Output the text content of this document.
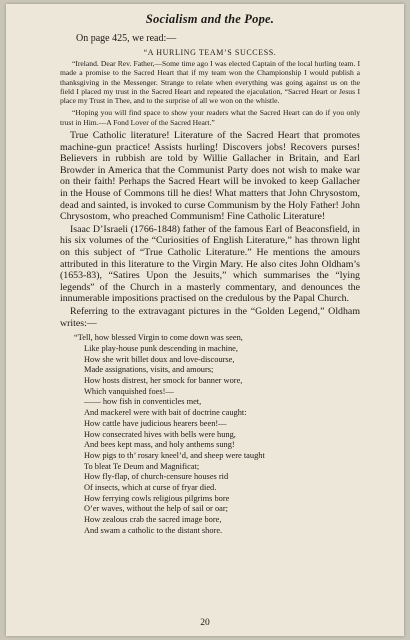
Socialism and the Pope.
On page 425, we read:—
“A HURLING TEAM’S SUCCESS.

“Ireland. Dear Rev. Father,—Some time ago I was elected Captain of the local hurling team. I made a promise to the Sacred Heart that if my team won the Championship I would publish a thanksgiving in the Messenger. Strange to relate when everything was going against us on the field I placed my trust in the Sacred Heart and repeated the ejaculation, “Sacred Heart or Jesus I place my Trust in Thee, and to the surprise of all we won on the whistle.

“Hoping you will find space to show your readers what the Sacred Heart can do if you only trust in Him.—A Fond Lover of the Sacred Heart.”

True Catholic literature! Literature of the Sacred Heart that promotes machine-gun practice! Assists hurling! Discovers jobs! Recovers purses! Believers in rubbish are told by Willie Gallacher in Britain, and Earl Browder in America that the Communist Party does not wish to make war on their faith! Perhaps the Sacred Heart will be invoked to keep Gallacher in the House of Commons till he dies! What matters that John Chrysostom, dead and sainted, is invoked to curse Communism by the Holy Father! John Chrysostom, who preached Communism! Fine Catholic Literature!

Isaac D’Israeli (1766-1848) father of the famous Earl of Beaconsfield, in his six volumes of the “Curiosities of English Literature,” has thrown light on this subject of “True Catholic Literature.” He mentions the amours attributed in this literature to the Virgin Mary. He also cites John Oldham’s (1653-83), “Satires Upon the Jesuits,” which summarises the “lying legends” of the Church in a masterly commentary, and denounces the innumerable impositions practised on the credulous by the Papal Church.

Referring to the extravagant pictures in the “Golden Legend,” Oldham writes:—

“Tell, how blessed Virgin to come down was seen,
Like play-house punk descending in machine,
How she writ billet doux and love-discourse,
Made assignations, visits, and amours;
How hosts distrest, her smock for banner wore,
Which vanquished foes!—
—— how fish in conventicles met,
And mackerel were with bait of doctrine caught:
How cattle have judicious hearers been!—
How consecrated hives with bells were hung,
And bees kept mass, and holy anthems sung!
How pigs to th’ rosary kneel’d, and sheep were taught
To bleat Te Deum and Magnificat;
How fly-flap, of church-censure houses rid
Of insects, which at curse of fryar died.
How ferrying cowls religious pilgrims bore
O’er waves, without the help of sail or oar;
How zealous crab the sacred image bore,
And swam a catholic to the distant shore.
20
